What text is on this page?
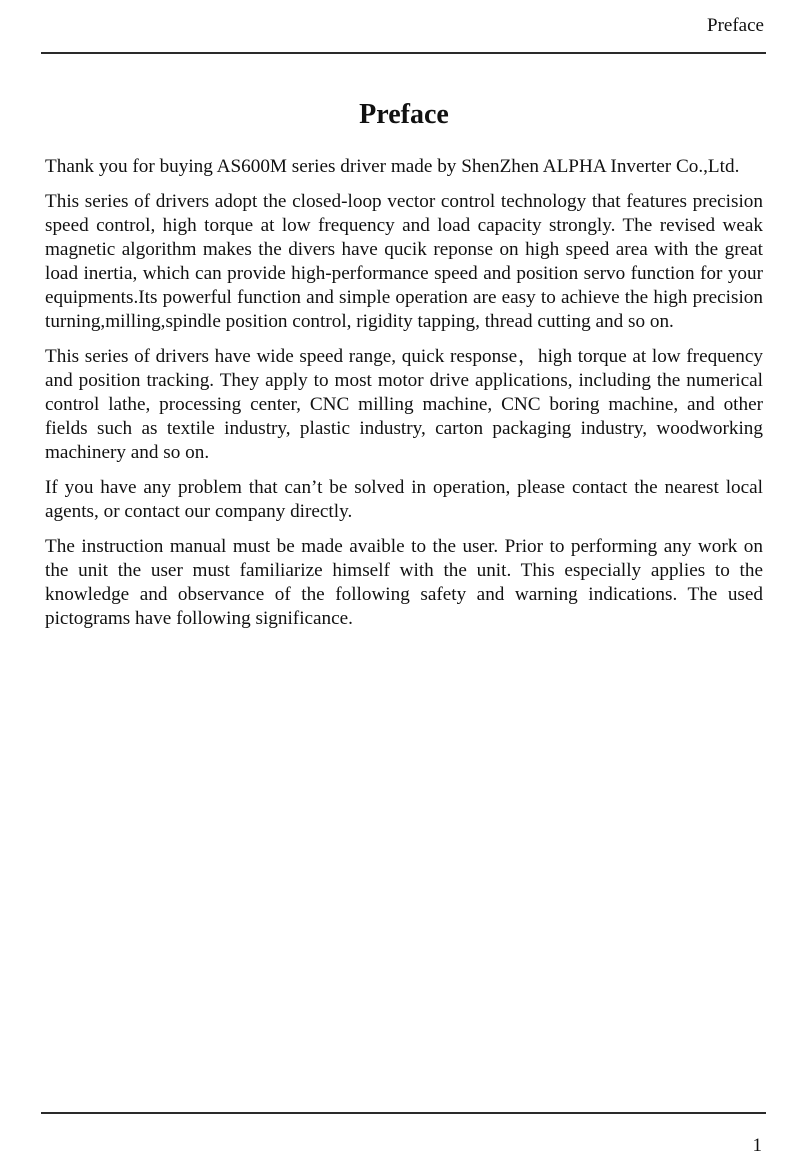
Preface
Preface

Thank you for buying AS600M series driver made by ShenZhen ALPHA Inverter Co.,Ltd.

This series of drivers adopt the closed-loop vector control technology that features precision speed control, high torque at low frequency and load capacity strongly. The revised weak magnetic algorithm makes the divers have qucik reponse on high speed area with the great load inertia, which can provide high-performance speed and position servo function for your equipments.Its powerful function and simple operation are easy to achieve the high precision turning,milling,spindle position control, rigidity tapping, thread cutting and so on.

This series of drivers have wide speed range, quick response，high torque at low frequency and position tracking. They apply to most motor drive applications, including the numerical control lathe, processing center, CNC milling machine, CNC boring machine, and other fields such as textile industry, plastic industry, carton packaging industry, woodworking machinery and so on.

If you have any problem that can’t be solved in operation, please contact the nearest local agents, or contact our company directly.

The instruction manual must be made avaible to the user. Prior to performing any work on the unit the user must familiarize himself with the unit. This especially applies to the knowledge and observance of the following safety and warning indications. The used pictograms have following significance.

1
